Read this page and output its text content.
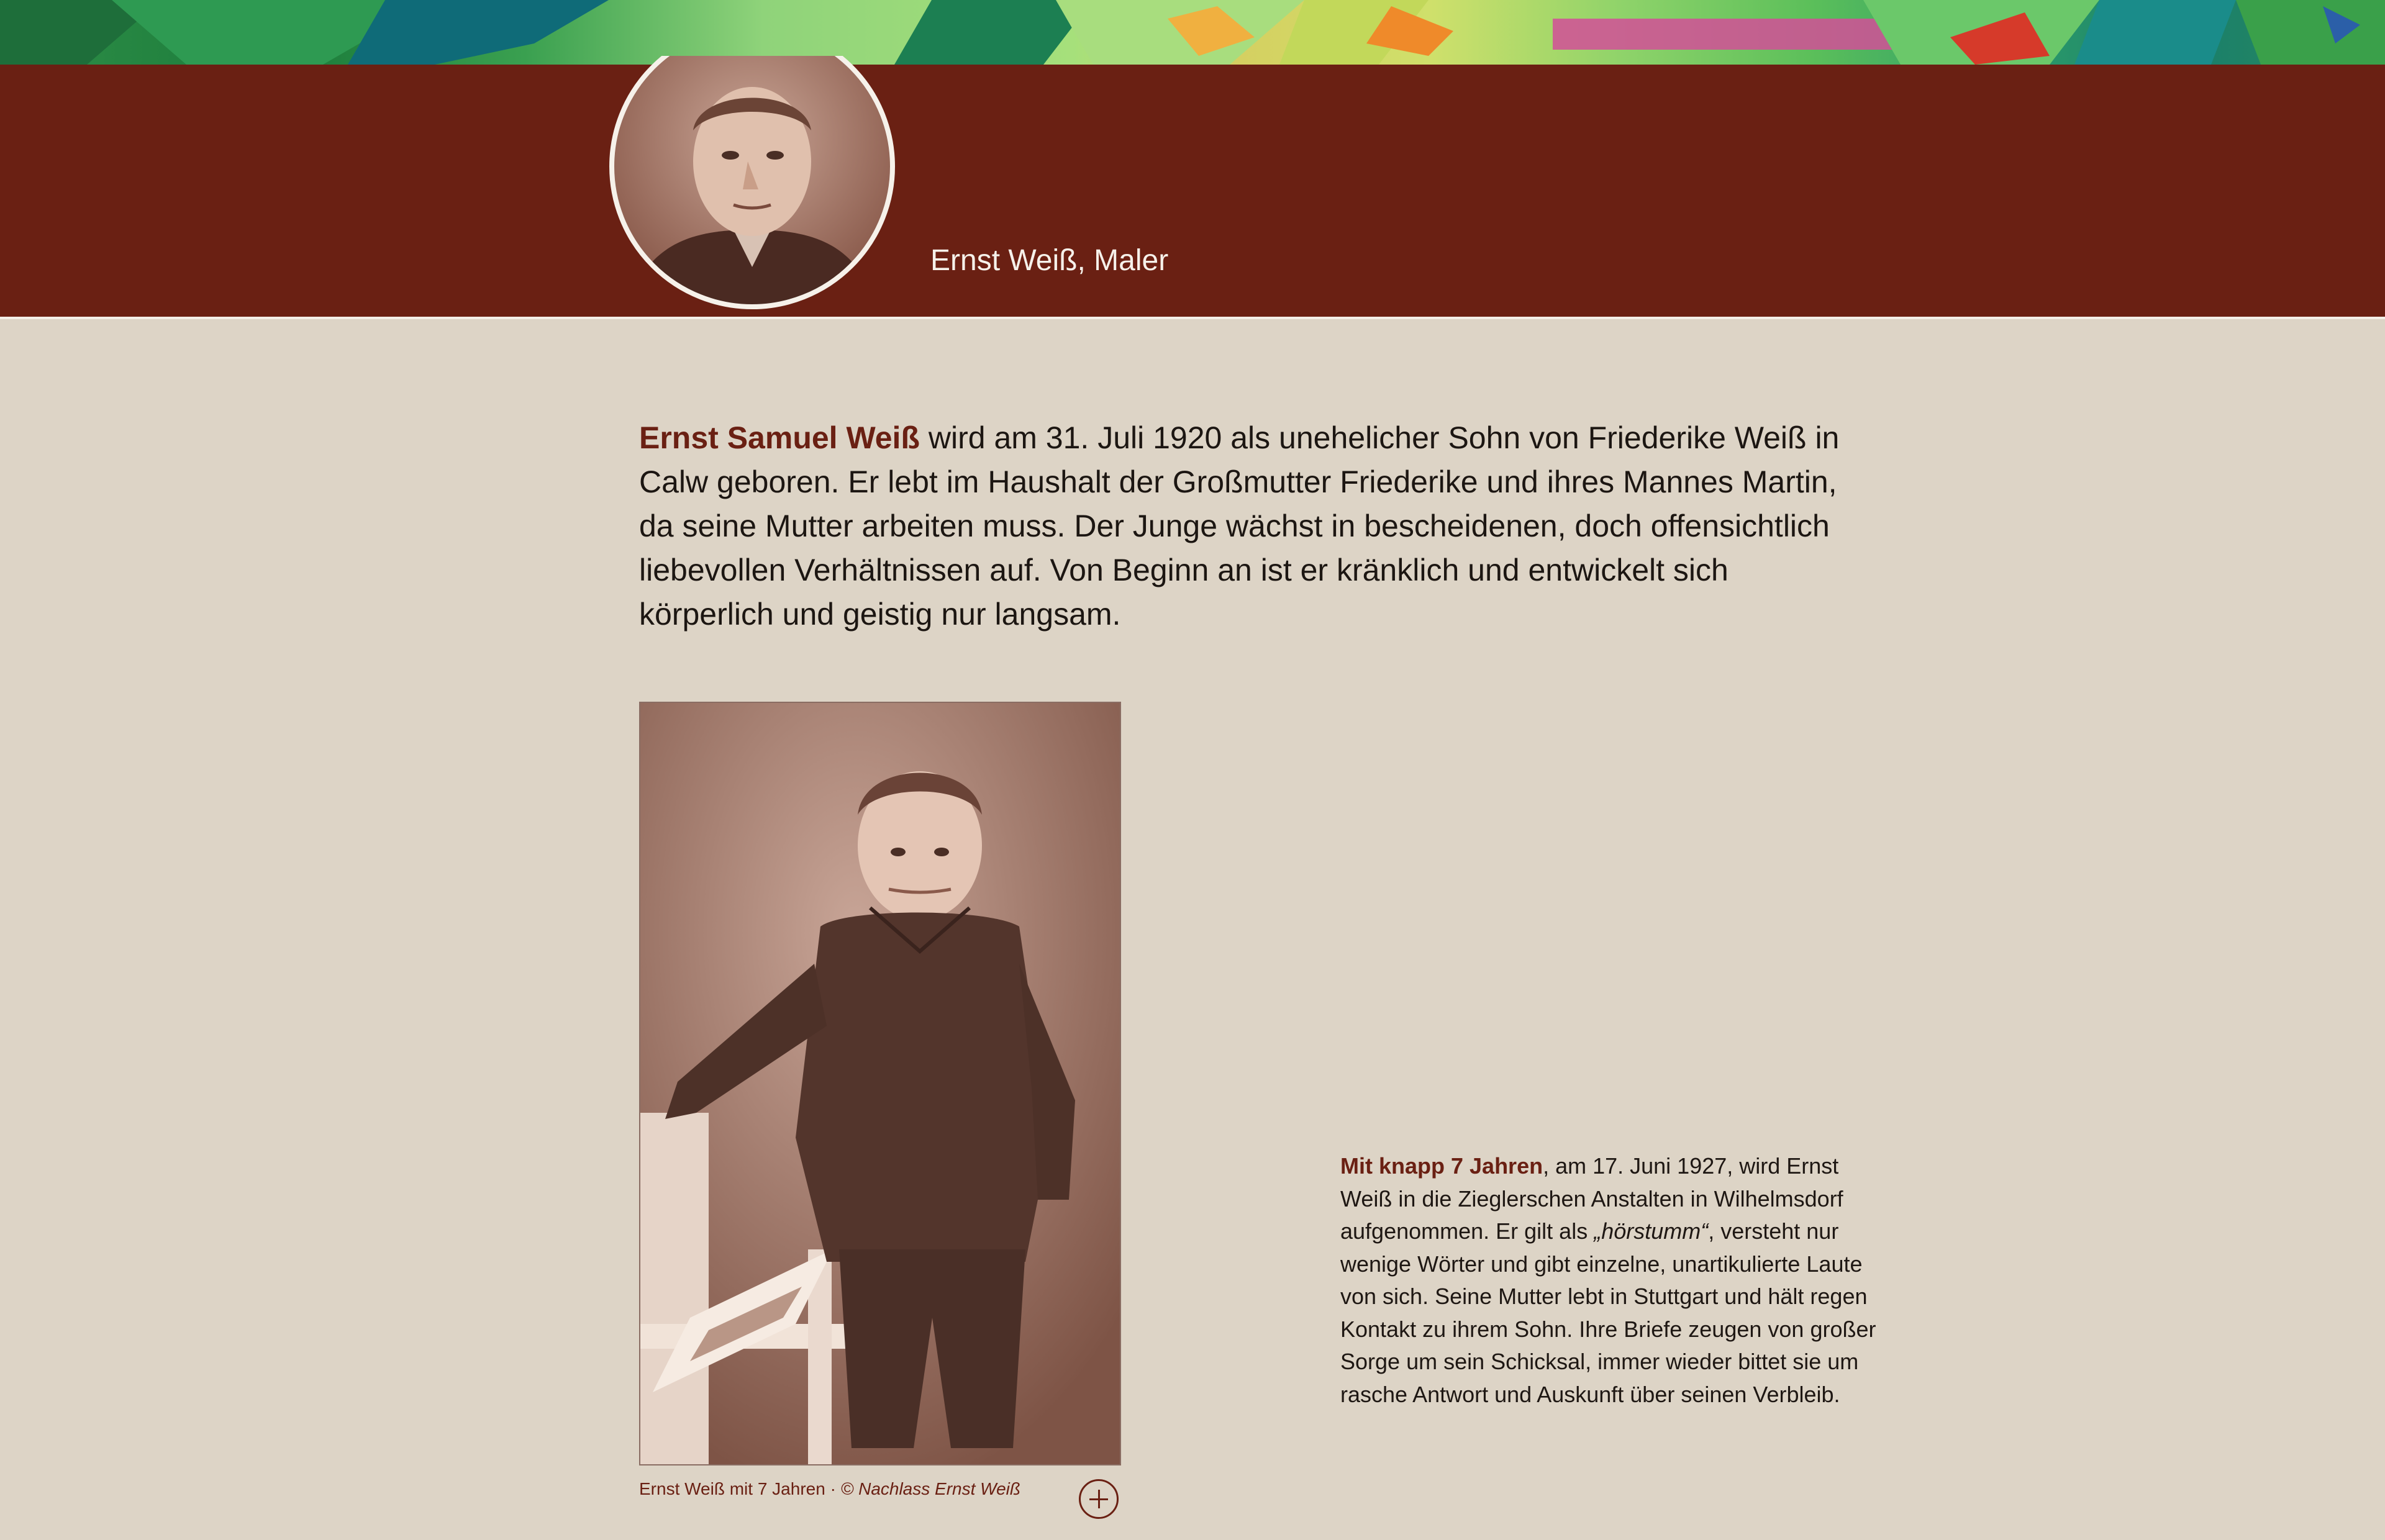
Ernst Weiß, Maler

Ernst Samuel Weiß wird am 31. Juli 1920 als unehelicher Sohn von Friederike Weiß in Calw geboren. Er lebt im Haushalt der Großmutter Friederike und ihres Mannes Martin, da seine Mutter arbeiten muss. Der Junge wächst in bescheidenen, doch offensichtlich liebevollen Verhältnissen auf. Von Beginn an ist er kränklich und entwickelt sich körperlich und geistig nur langsam.

Ernst Weiß mit 7 Jahren · © Nachlass Ernst Weiß

Mit knapp 7 Jahren, am 17. Juni 1927, wird Ernst Weiß in die Zieglerschen Anstalten in Wilhelmsdorf aufgenommen. Er gilt als „hörstumm“, versteht nur wenige Wörter und gibt einzelne, unartikulierte Laute von sich. Seine Mutter lebt in Stuttgart und hält regen Kontakt zu ihrem Sohn. Ihre Briefe zeugen von großer Sorge um sein Schicksal, immer wieder bittet sie um rasche Antwort und Auskunft über seinen Verbleib.
